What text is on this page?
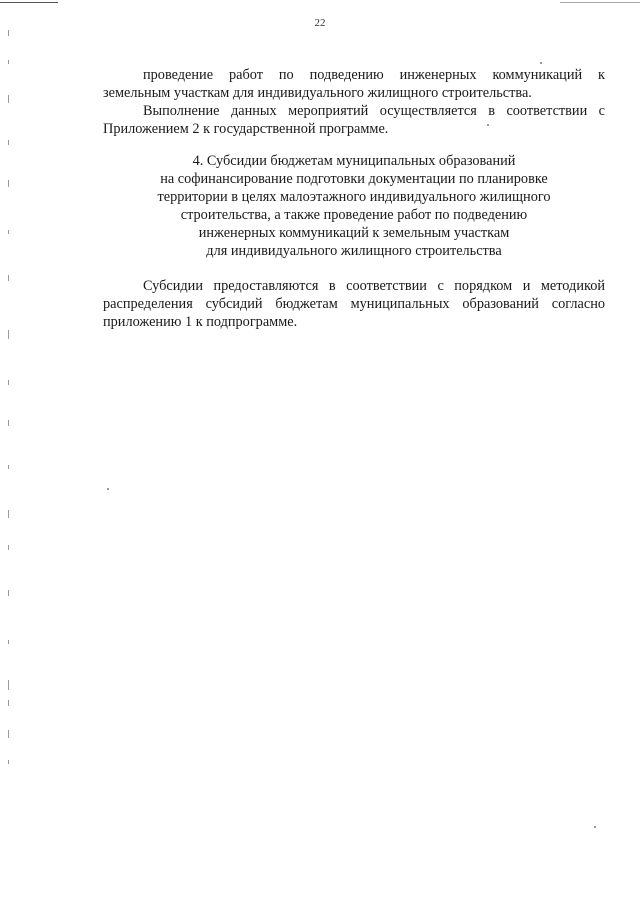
22

проведение работ по подведению инженерных коммуникаций к

земельным участкам для индивидуального жилищного строительства.

Выполнение данных мероприятий осуществляется в соответствии с

Приложением 2 к государственной программе.

4. Субсидии бюджетам муниципальных образований
на софинансирование подготовки документации по планировке
территории в целях малоэтажного индивидуального жилищного
строительства, а также проведение работ по подведению
инженерных коммуникаций к земельным участкам
для индивидуального жилищного строительства

Субсидии предоставляются в соответствии с порядком и методикой

распределения субсидий бюджетам муниципальных образований согласно

приложению 1 к подпрограмме.
